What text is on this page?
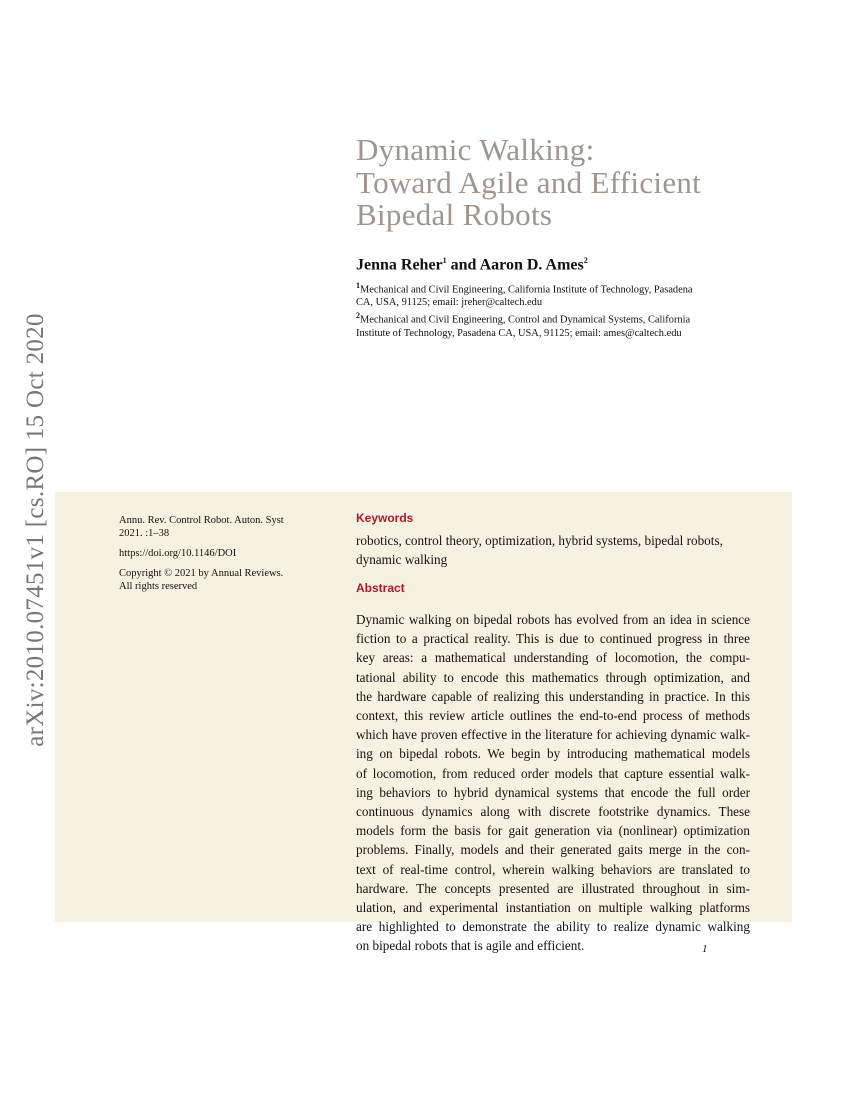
arXiv:2010.07451v1 [cs.RO] 15 Oct 2020
Dynamic Walking:
Toward Agile and Efficient
Bipedal Robots
Jenna Reher$^1$ and Aaron D. Ames$^2$
$^1$Mechanical and Civil Engineering, California Institute of Technology, Pasadena
CA, USA, 91125; email: jreher@caltech.edu
$^2$Mechanical and Civil Engineering, Control and Dynamical Systems, California
Institute of Technology, Pasadena CA, USA, 91125; email: ames@caltech.edu

Annu. Rev. Control Robot. Auton. Syst
2021. :1–38

https://doi.org/10.1146/DOI

Copyright © 2021 by Annual Reviews.
All rights reserved

Keywords
robotics, control theory, optimization, hybrid systems, bipedal robots,
dynamic walking
Abstract
Dynamic walking on bipedal robots has evolved from an idea in science
fiction to a practical reality. This is due to continued progress in three
key areas: a mathematical understanding of locomotion, the compu-
tational ability to encode this mathematics through optimization, and
the hardware capable of realizing this understanding in practice. In this
context, this review article outlines the end-to-end process of methods
which have proven effective in the literature for achieving dynamic walk-
ing on bipedal robots. We begin by introducing mathematical models
of locomotion, from reduced order models that capture essential walk-
ing behaviors to hybrid dynamical systems that encode the full order
continuous dynamics along with discrete footstrike dynamics. These
models form the basis for gait generation via (nonlinear) optimization
problems. Finally, models and their generated gaits merge in the con-
text of real-time control, wherein walking behaviors are translated to
hardware. The concepts presented are illustrated throughout in sim-
ulation, and experimental instantiation on multiple walking platforms
are highlighted to demonstrate the ability to realize dynamic walking
on bipedal robots that is agile and efficient.	1
